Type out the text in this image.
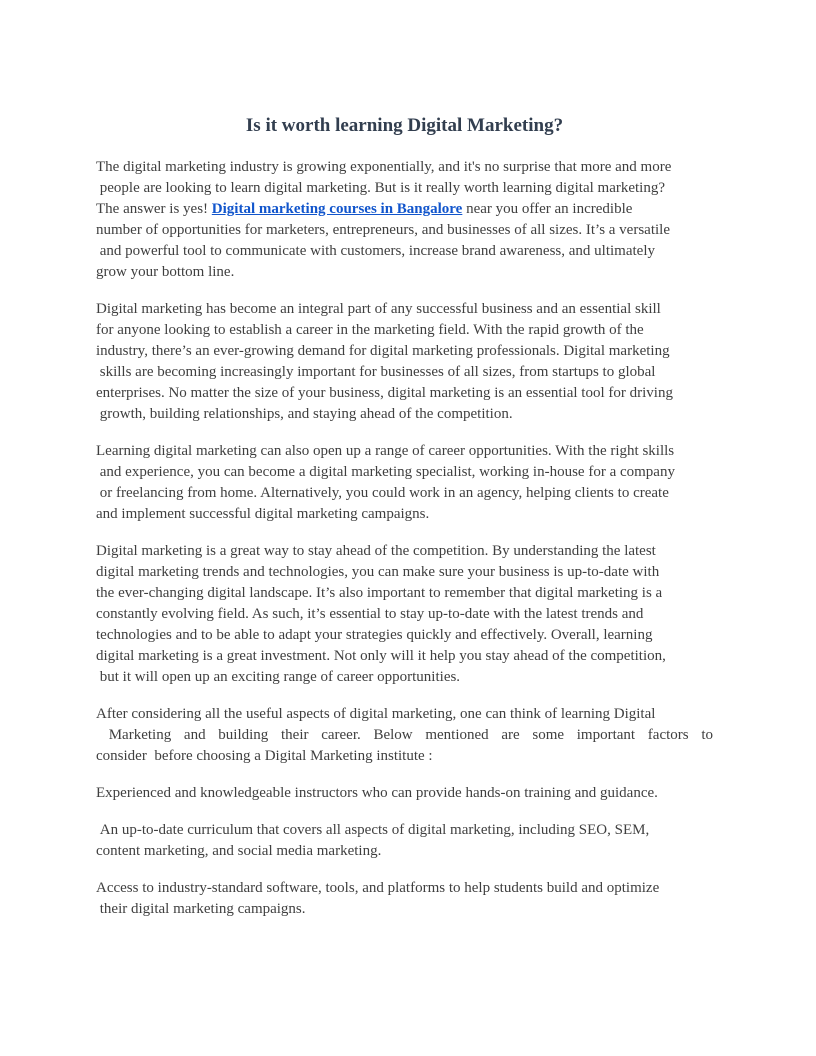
Is it worth learning Digital Marketing?
The digital marketing industry is growing exponentially, and it's no surprise that more and more
people are looking to learn digital marketing. But is it really worth learning digital marketing?
The answer is yes! Digital marketing courses in Bangalore near you offer an incredible
number of opportunities for marketers, entrepreneurs, and businesses of all sizes. It’s a versatile
and powerful tool to communicate with customers, increase brand awareness, and ultimately
grow your bottom line.
Digital marketing has become an integral part of any successful business and an essential skill
for anyone looking to establish a career in the marketing field. With the rapid growth of the
industry, there’s an ever-growing demand for digital marketing professionals. Digital marketing
skills are becoming increasingly important for businesses of all sizes, from startups to global
enterprises. No matter the size of your business, digital marketing is an essential tool for driving
growth, building relationships, and staying ahead of the competition.
Learning digital marketing can also open up a range of career opportunities. With the right skills
and experience, you can become a digital marketing specialist, working in-house for a company
or freelancing from home. Alternatively, you could work in an agency, helping clients to create
and implement successful digital marketing campaigns.
Digital marketing is a great way to stay ahead of the competition. By understanding the latest
digital marketing trends and technologies, you can make sure your business is up-to-date with
the ever-changing digital landscape. It’s also important to remember that digital marketing is a
constantly evolving field. As such, it’s essential to stay up-to-date with the latest trends and
technologies and to be able to adapt your strategies quickly and effectively. Overall, learning
digital marketing is a great investment. Not only will it help you stay ahead of the competition,
but it will open up an exciting range of career opportunities.
After considering all the useful aspects of digital marketing, one can think of learning Digital
Marketing and building their career. Below mentioned are some important factors to
consider  before choosing a Digital Marketing institute :
Experienced and knowledgeable instructors who can provide hands-on training and guidance.
An up-to-date curriculum that covers all aspects of digital marketing, including SEO, SEM,
content marketing, and social media marketing.
Access to industry-standard software, tools, and platforms to help students build and optimize
their digital marketing campaigns.
